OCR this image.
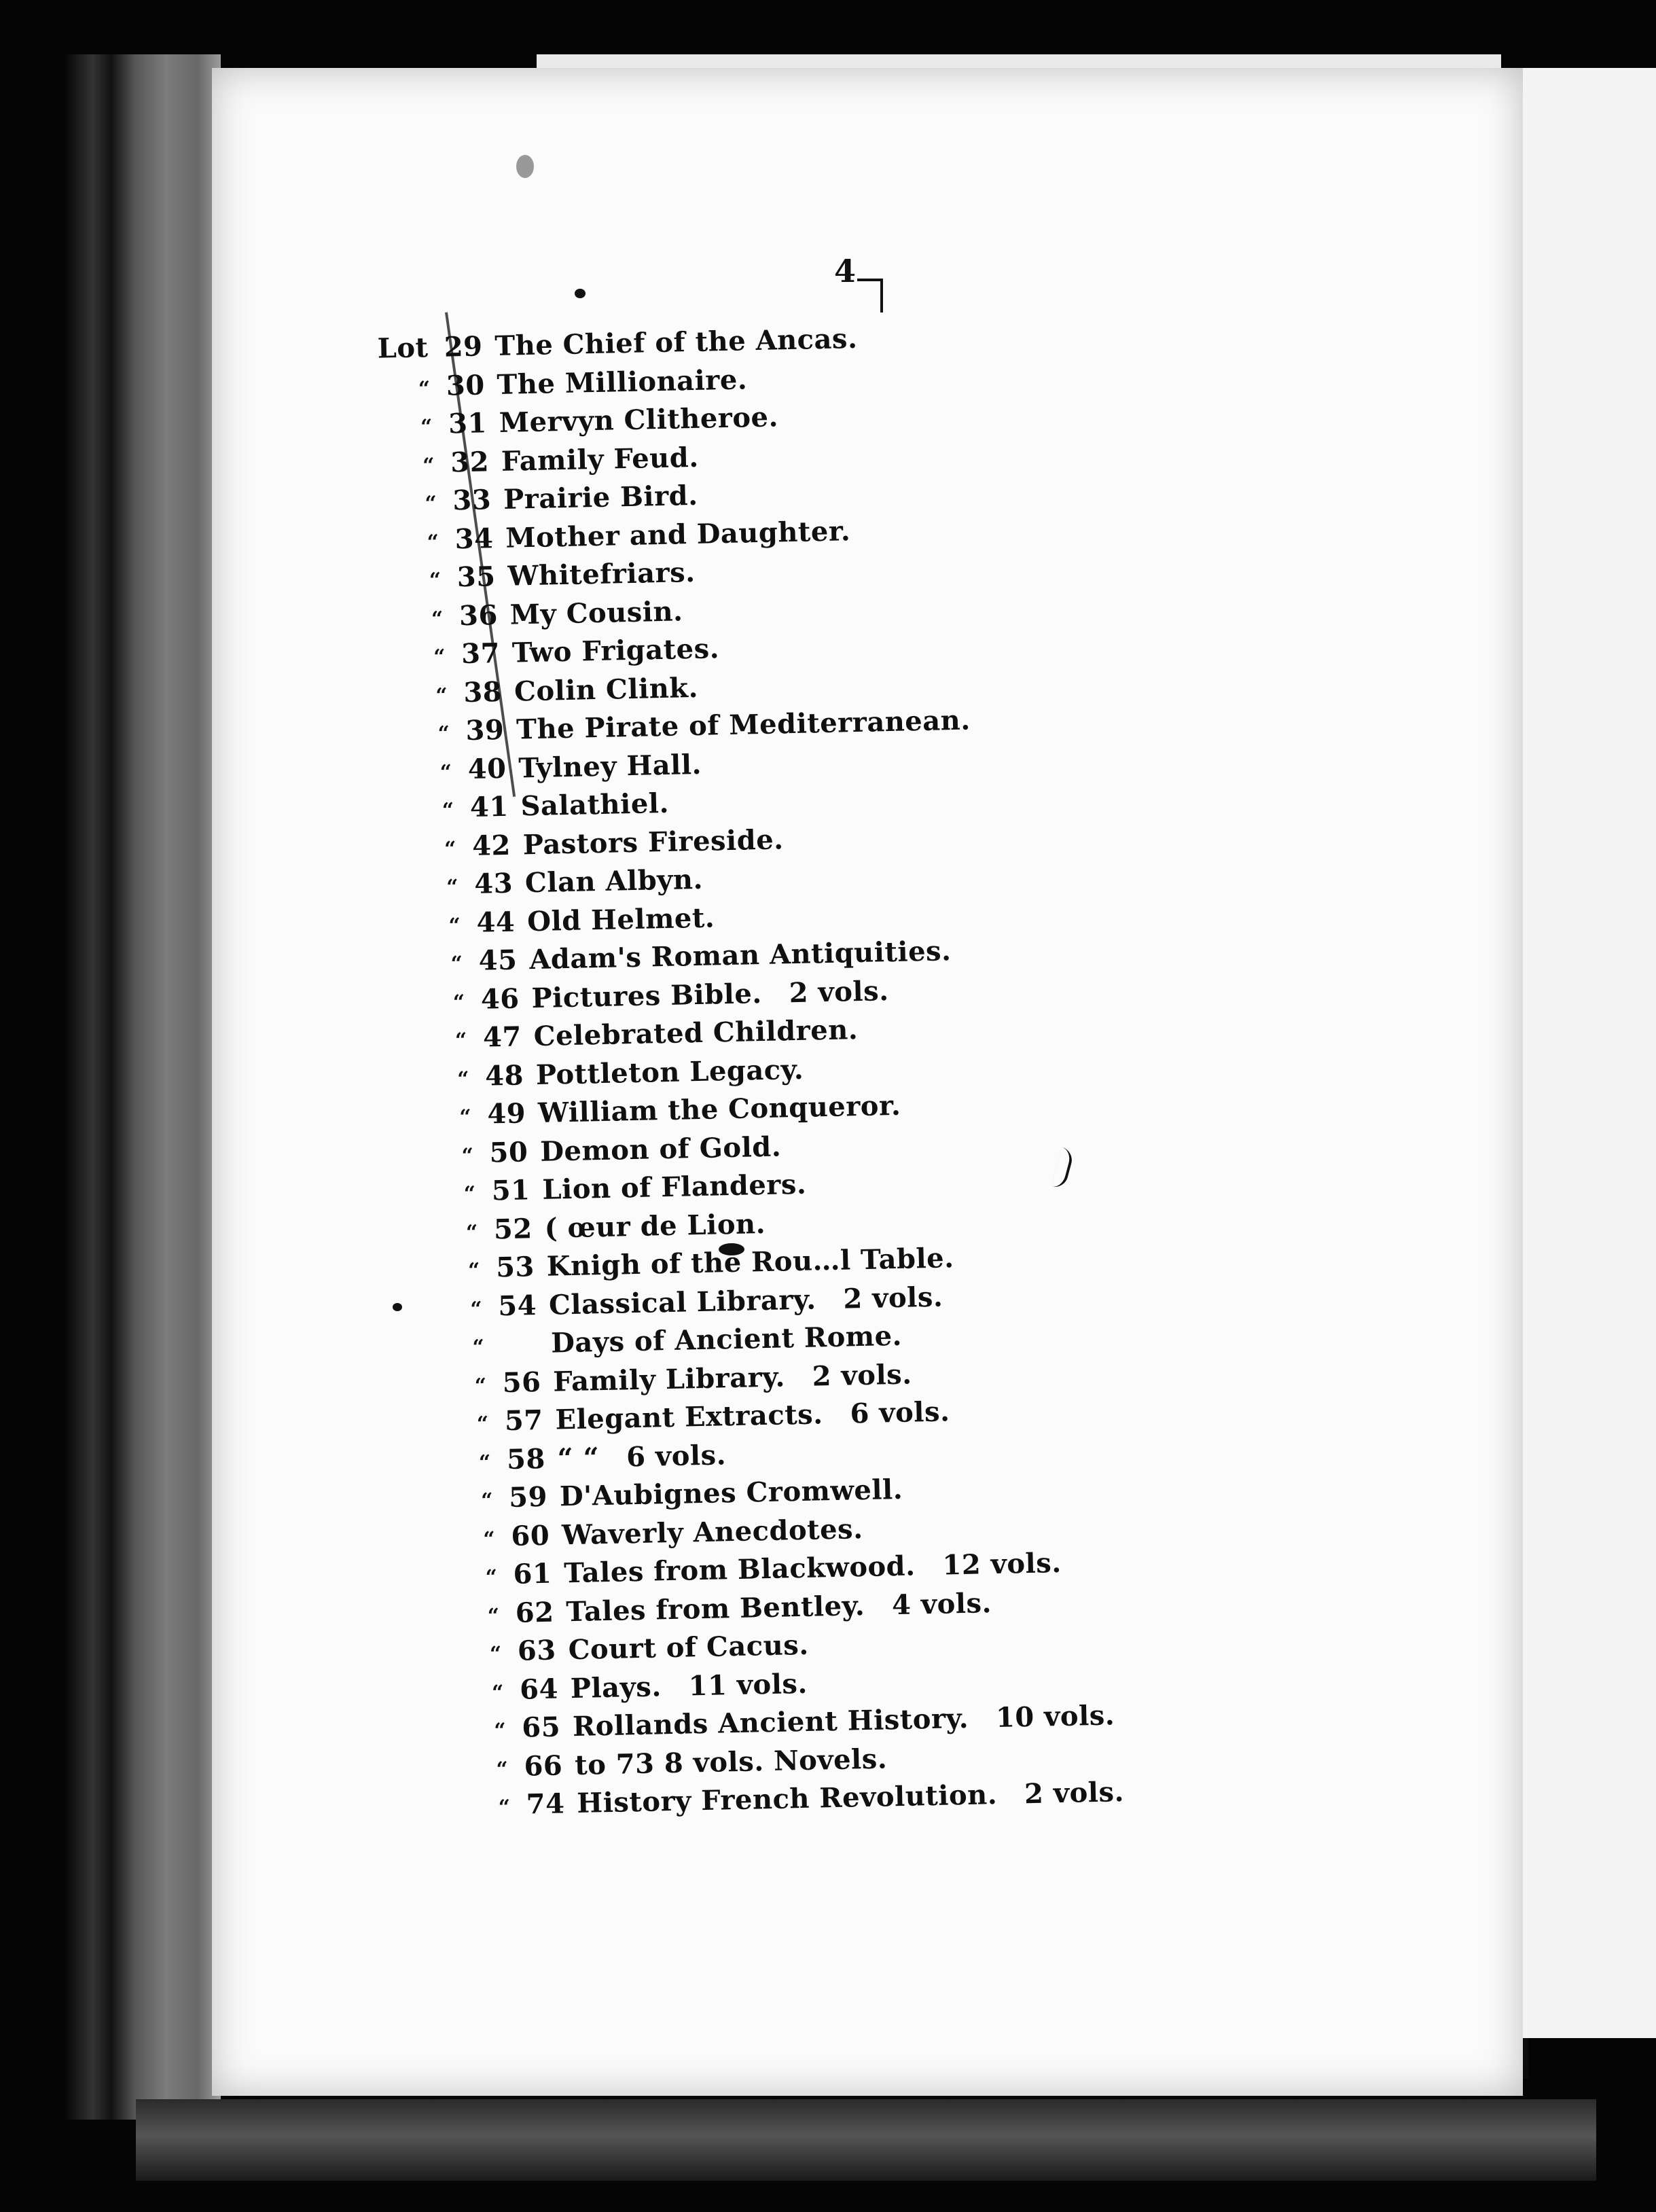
4
Lot 29 The Chief of the Ancas.
“ 30 The Millionaire.
“ 31 Mervyn Clitheroe.
“ 32 Family Feud.
“ 33 Prairie Bird.
“ 34 Mother and Daughter.
“ 35 Whitefriars.
“ 36 My Cousin.
“ 37 Two Frigates.
“ 38 Colin Clink.
“ 39 The Pirate of Mediterranean.
“ 40 Tylney Hall.
“ 41 Salathiel.
“ 42 Pastors Fireside.
“ 43 Clan Albyn.
“ 44 Old Helmet.
“ 45 Adam's Roman Antiquities.
“ 46 Pictures Bible. 2 vols.
“ 47 Celebrated Children.
“ 48 Pottleton Legacy.
“ 49 William the Conqueror.
“ 50 Demon of Gold.
“ 51 Lion of Flanders.
“ 52 ( œur de Lion.
“ 53 Knigh of the Rou…l Table.
“ 54 Classical Library. 2 vols.
“ Days of Ancient Rome.
“ 56 Family Library. 2 vols.
“ 57 Elegant Extracts. 6 vols.
“ 58 “ “ 6 vols.
“ 59 D'Aubignes Cromwell.
“ 60 Waverly Anecdotes.
“ 61 Tales from Blackwood. 12 vols.
“ 62 Tales from Bentley. 4 vols.
“ 63 Court of Cacus.
“ 64 Plays. 11 vols.
“ 65 Rollands Ancient History. 10 vols.
“ 66 to 73 8 vols. Novels.
“ 74 History French Revolution. 2 vols.
